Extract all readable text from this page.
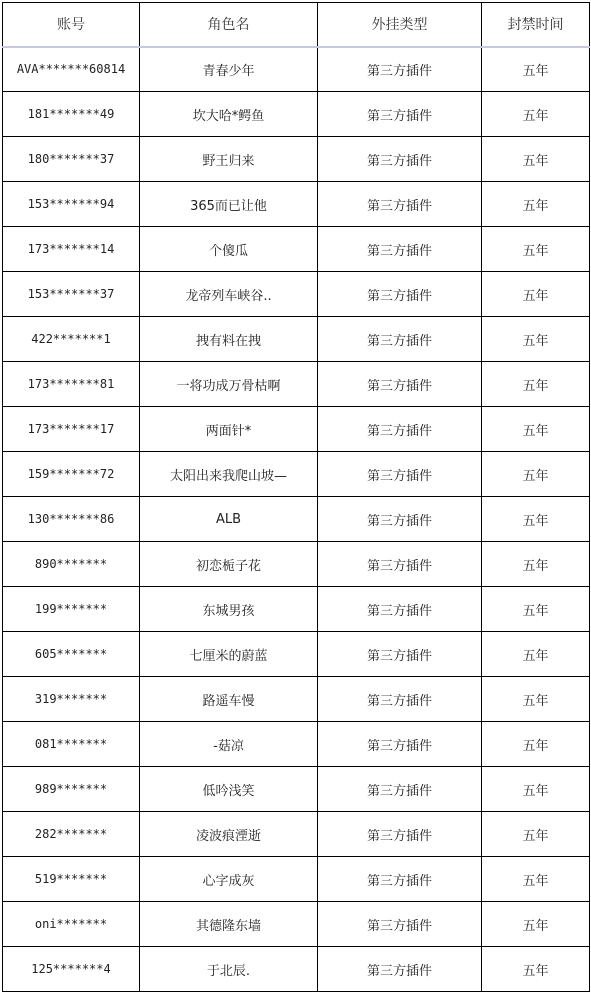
账号	角色名	外挂类型	封禁时间
AVA*******60814	青春少年	第三方插件	五年
181*******49	坎大哈*鳄鱼	第三方插件	五年
180*******37	野王归来	第三方插件	五年
153*******94	365而已让他	第三方插件	五年
173*******14	个傻瓜	第三方插件	五年
153*******37	龙帝列车峡谷..	第三方插件	五年
422*******1	拽有料在拽	第三方插件	五年
173*******81	一将功成万骨枯啊	第三方插件	五年
173*******17	两面针*	第三方插件	五年
159*******72	太阳出来我爬山坡—	第三方插件	五年
130*******86	ALB	第三方插件	五年
890*******	初恋栀子花	第三方插件	五年
199*******	东城男孩	第三方插件	五年
605*******	七厘米的蔚蓝	第三方插件	五年
319*******	路遥车慢	第三方插件	五年
081*******	-菇凉	第三方插件	五年
989*******	低吟浅笑	第三方插件	五年
282*******	凌波痕湮逝	第三方插件	五年
519*******	心字成灰	第三方插件	五年
oni*******	其德隆东墙	第三方插件	五年
125*******4	于北辰.	第三方插件	五年
